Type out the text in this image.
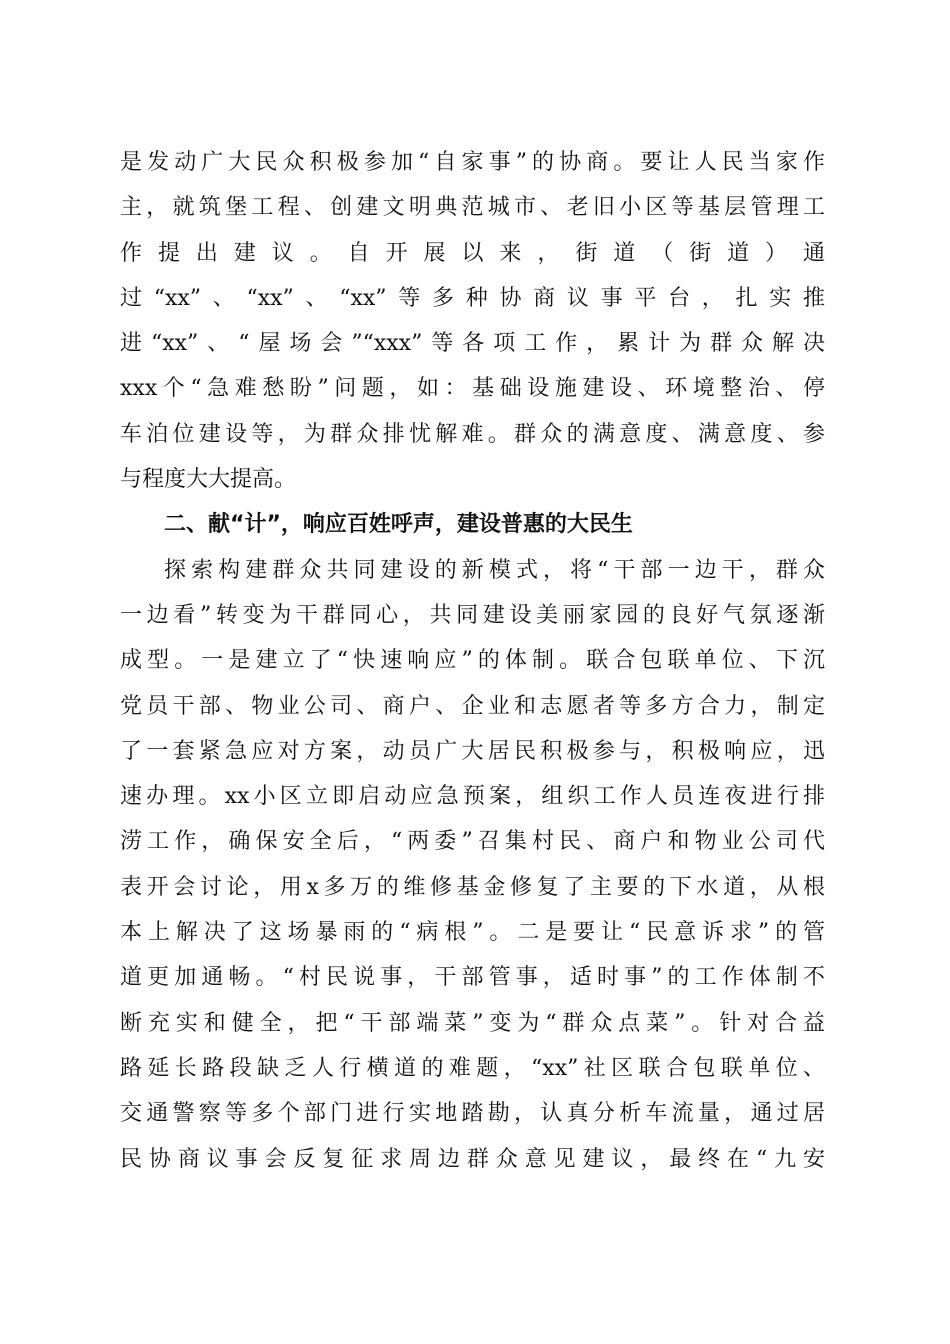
是发动广大民众积极参加“自家事”的协商。要让人民当家作
主，就筑堡工程、创建文明典范城市、老旧小区等基层管理工
作提出建议。自开展以来，街道（街道）通
过“xx”、“xx”、“xx”等多种协商议事平台，扎实推
进“xx”、“屋场会”“xxx”等各项工作，累计为群众解决
xxx个“急难愁盼”问题，如：基础设施建设、环境整治、停
车泊位建设等，为群众排忧解难。群众的满意度、满意度、参
与程度大大提高。
二、献“计”，响应百姓呼声，建设普惠的大民生
探索构建群众共同建设的新模式，将“干部一边干，群众
一边看”转变为干群同心，共同建设美丽家园的良好气氛逐渐
成型。一是建立了“快速响应”的体制。联合包联单位、下沉
党员干部、物业公司、商户、企业和志愿者等多方合力，制定
了一套紧急应对方案，动员广大居民积极参与，积极响应，迅
速办理。xx小区立即启动应急预案，组织工作人员连夜进行排
涝工作，确保安全后，“两委”召集村民、商户和物业公司代
表开会讨论，用x多万的维修基金修复了主要的下水道，从根
本上解决了这场暴雨的“病根”。二是要让“民意诉求”的管
道更加通畅。“村民说事，干部管事，适时事”的工作体制不
断充实和健全，把“干部端菜”变为“群众点菜”。针对合益
路延长路段缺乏人行横道的难题，“xx”社区联合包联单位、
交通警察等多个部门进行实地踏勘，认真分析车流量，通过居
民协商议事会反复征求周边群众意见建议，最终在“九安
